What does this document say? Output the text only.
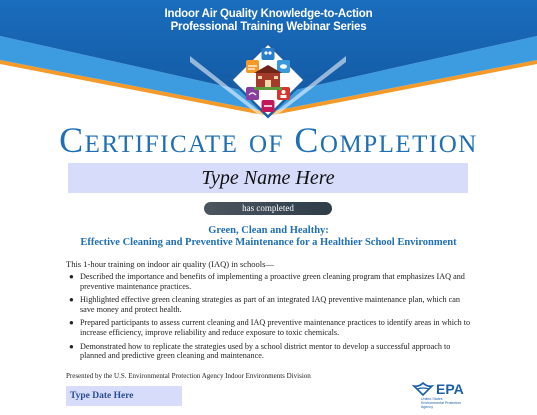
Indoor Air Quality Knowledge-to-Action
Professional Training Webinar Series
Certificate of Completion
Type Name Here
has completed
Green, Clean and Healthy:
Effective Cleaning and Preventive Maintenance for a Healthier School Environment
This 1-hour training on indoor air quality (IAQ) in schools—
● Described the importance and benefits of implementing a proactive green cleaning program that emphasizes IAQ and preventive maintenance practices.
● Highlighted effective green cleaning strategies as part of an integrated IAQ preventive maintenance plan, which can save money and protect health.
● Prepared participants to assess current cleaning and IAQ preventive maintenance practices to identify areas in which to increase efficiency, improve reliability and reduce exposure to toxic chemicals.
● Demonstrated how to replicate the strategies used by a school district mentor to develop a successful approach to planned and predictive green cleaning and maintenance.
Presented by the U.S. Environmental Protection Agency Indoor Environments Division
Type Date Here	EPA
United States
Environmental Protection
Agency
